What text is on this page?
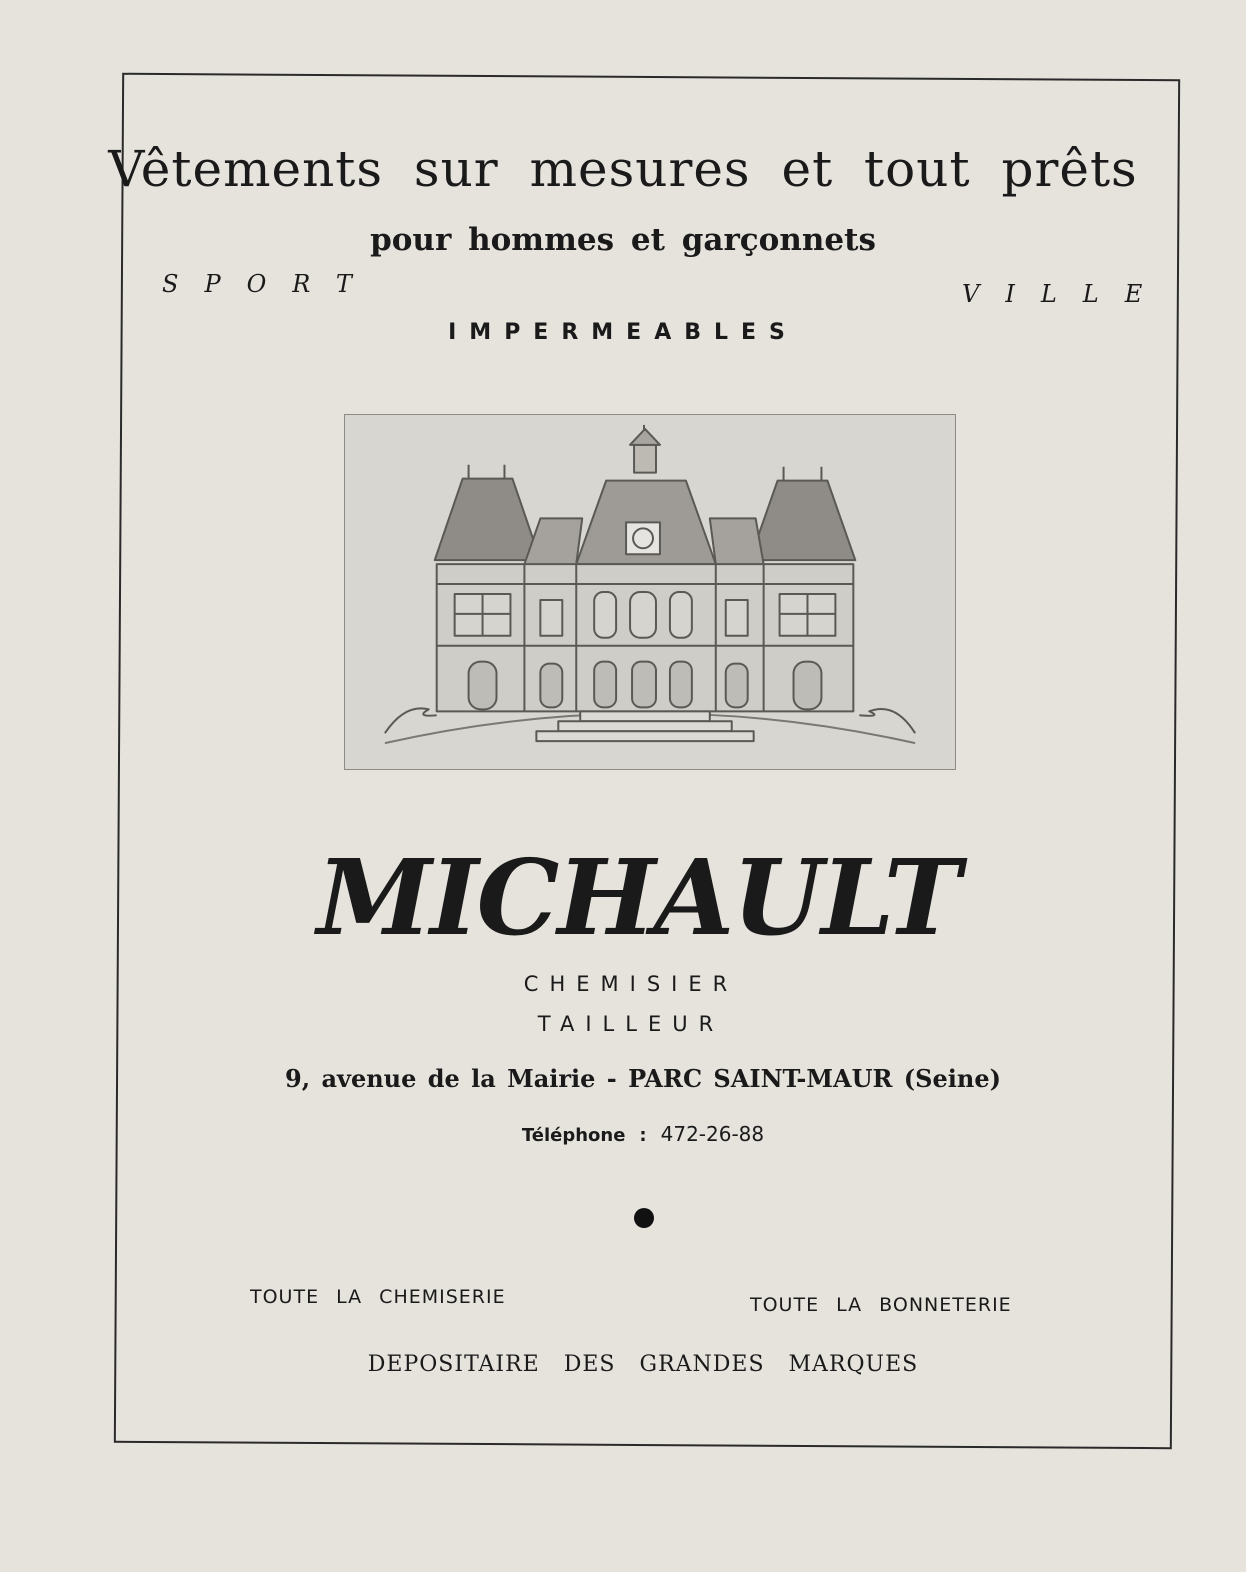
Vêtements sur mesures et tout prêts
pour hommes et garçonnets
SPORT	VILLE
IMPERMEABLES
MICHAULT
CHEMISIER
TAILLEUR
9, avenue de la Mairie - PARC SAINT-MAUR (Seine)
Téléphone : 472-26-88
TOUTE LA CHEMISERIE	TOUTE LA BONNETERIE
DEPOSITAIRE DES GRANDES MARQUES
